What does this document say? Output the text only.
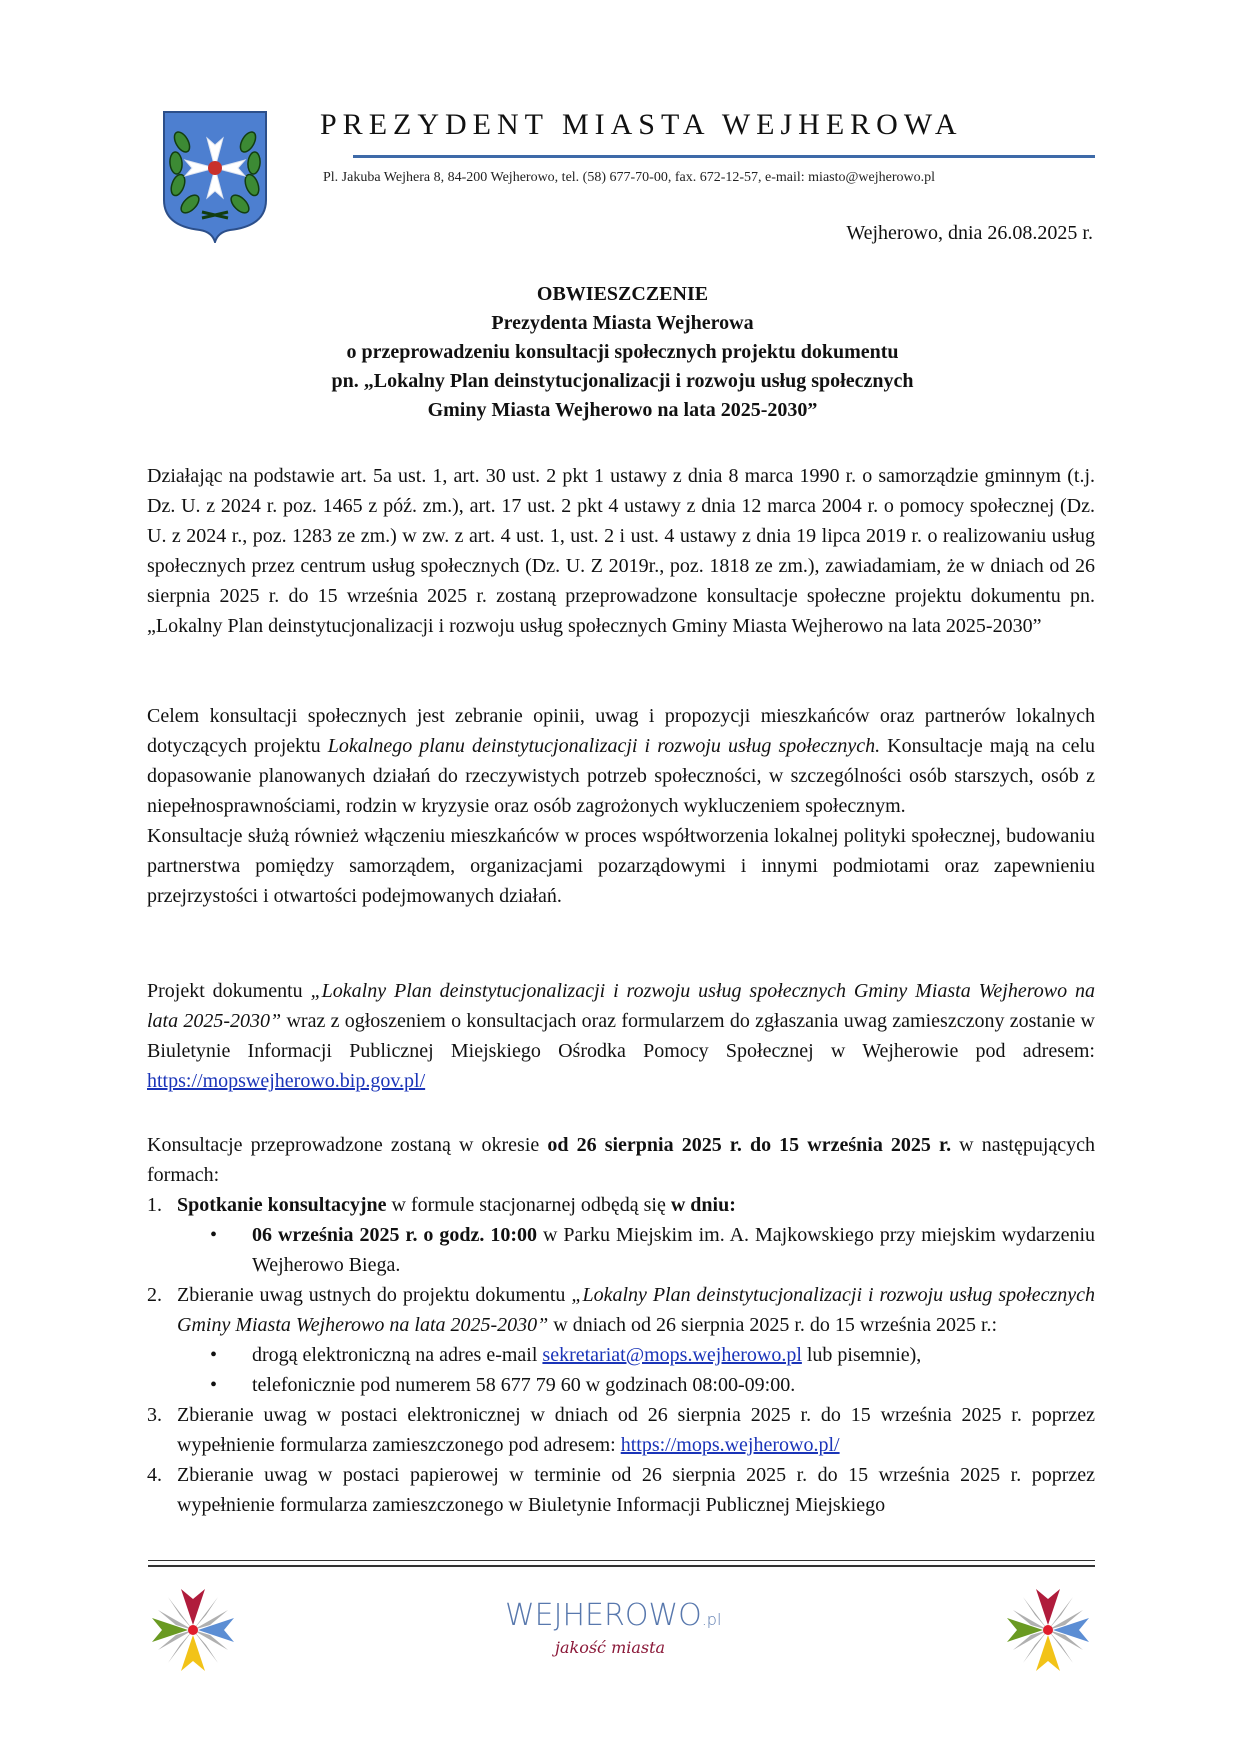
PREZYDENT MIASTA WEJHEROWA
Pl. Jakuba Wejhera 8, 84-200 Wejherowo, tel. (58) 677-70-00, fax. 672-12-57, e-mail: miasto@wejherowo.pl
Wejherowo, dnia 26.08.2025 r.
OBWIESZCZENIE
Prezydenta Miasta Wejherowa
o przeprowadzeniu konsultacji społecznych projektu dokumentu
pn. „Lokalny Plan deinstytucjonalizacji i rozwoju usług społecznych
Gminy Miasta Wejherowo na lata 2025-2030”

Działając na podstawie art. 5a ust. 1, art. 30 ust. 2 pkt 1 ustawy z dnia 8 marca 1990 r. o samorządzie gminnym (t.j. Dz. U. z 2024 r. poz. 1465 z póź. zm.), art. 17 ust. 2 pkt 4 ustawy z dnia 12 marca 2004 r. o pomocy społecznej (Dz. U. z 2024 r., poz. 1283 ze zm.) w zw. z art. 4 ust. 1, ust. 2 i ust. 4 ustawy z dnia 19 lipca 2019 r. o realizowaniu usług społecznych przez centrum usług społecznych (Dz. U. Z 2019r., poz. 1818 ze zm.), zawiadamiam, że w dniach od 26 sierpnia 2025 r. do 15 września 2025 r. zostaną przeprowadzone konsultacje społeczne projektu dokumentu pn. „Lokalny Plan deinstytucjonalizacji i rozwoju usług społecznych Gminy Miasta Wejherowo na lata 2025-2030”

Celem konsultacji społecznych jest zebranie opinii, uwag i propozycji mieszkańców oraz partnerów lokalnych dotyczących projektu Lokalnego planu deinstytucjonalizacji i rozwoju usług społecznych. Konsultacje mają na celu dopasowanie planowanych działań do rzeczywistych potrzeb społeczności, w szczególności osób starszych, osób z niepełnosprawnościami, rodzin w kryzysie oraz osób zagrożonych wykluczeniem społecznym.

Konsultacje służą również włączeniu mieszkańców w proces współtworzenia lokalnej polityki społecznej, budowaniu partnerstwa pomiędzy samorządem, organizacjami pozarządowymi i innymi podmiotami oraz zapewnieniu przejrzystości i otwartości podejmowanych działań.

Projekt dokumentu „Lokalny Plan deinstytucjonalizacji i rozwoju usług społecznych Gminy Miasta Wejherowo na lata 2025-2030” wraz z ogłoszeniem o konsultacjach oraz formularzem do zgłaszania uwag zamieszczony zostanie w Biuletynie Informacji Publicznej Miejskiego Ośrodka Pomocy Społecznej w Wejherowie pod adresem: https://mopswejherowo.bip.gov.pl/

Konsultacje przeprowadzone zostaną w okresie od 26 sierpnia 2025 r. do 15 września 2025 r. w następujących formach:

1. Spotkanie konsultacyjne w formule stacjonarnej odbędą się w dniu:
• 06 września 2025 r. o godz. 10:00 w Parku Miejskim im. A. Majkowskiego przy miejskim wydarzeniu Wejherowo Biega.
2. Zbieranie uwag ustnych do projektu dokumentu „Lokalny Plan deinstytucjonalizacji i rozwoju usług społecznych Gminy Miasta Wejherowo na lata 2025-2030” w dniach od 26 sierpnia 2025 r. do 15 września 2025 r.:
• drogą elektroniczną na adres e-mail sekretariat@mops.wejherowo.pl lub pisemnie),
• telefonicznie pod numerem 58 677 79 60 w godzinach 08:00-09:00.
3. Zbieranie uwag w postaci elektronicznej w dniach od 26 sierpnia 2025 r. do 15 września 2025 r. poprzez wypełnienie formularza zamieszczonego pod adresem: https://mops.wejherowo.pl/
4. Zbieranie uwag w postaci papierowej w terminie od 26 sierpnia 2025 r. do 15 września 2025 r. poprzez wypełnienie formularza zamieszczonego w Biuletynie Informacji Publicznej Miejskiego
WEJHEROWO.pl
jakość miasta
